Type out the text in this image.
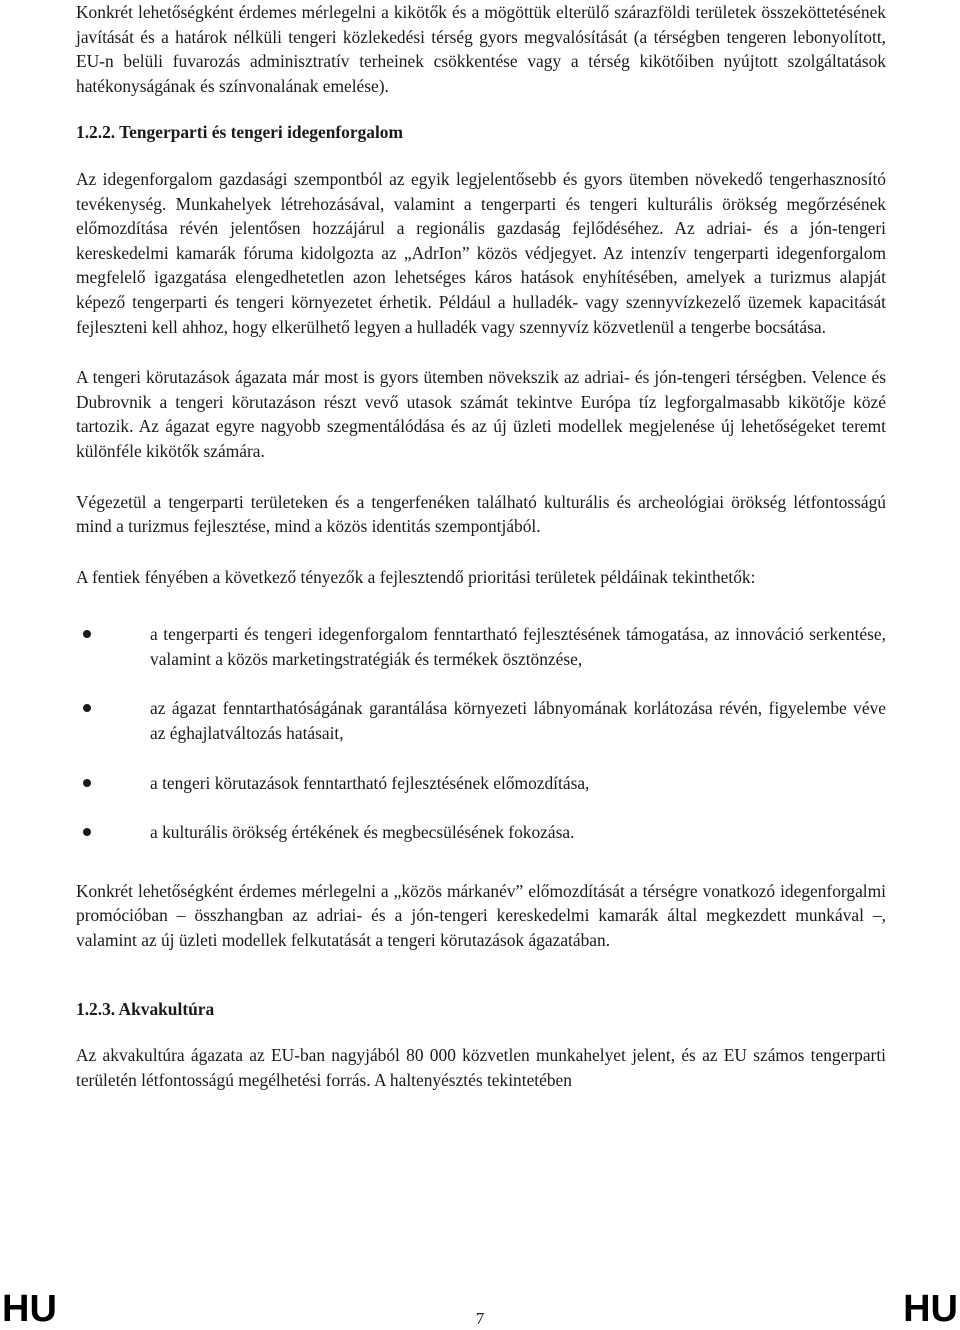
Konkrét lehetőségként érdemes mérlegelni a kikötők és a mögöttük elterülő szárazföldi területek összeköttetésének javítását és a határok nélküli tengeri közlekedési térség gyors megvalósítását (a térségben tengeren lebonyolított, EU-n belüli fuvarozás adminisztratív terheinek csökkentése vagy a térség kikötőiben nyújtott szolgáltatások hatékonyságának és színvonalának emelése).

1.2.2. Tengerparti és tengeri idegenforgalom

Az idegenforgalom gazdasági szempontból az egyik legjelentősebb és gyors ütemben növekedő tengerhasznosító tevékenység. Munkahelyek létrehozásával, valamint a tengerparti és tengeri kulturális örökség megőrzésének előmozdítása révén jelentősen hozzájárul a regionális gazdaság fejlődéséhez. Az adriai- és a jón-tengeri kereskedelmi kamarák fóruma kidolgozta az „AdrIon” közös védjegyet. Az intenzív tengerparti idegenforgalom megfelelő igazgatása elengedhetetlen azon lehetséges káros hatások enyhítésében, amelyek a turizmus alapját képező tengerparti és tengeri környezetet érhetik. Például a hulladék- vagy szennyvízkezelő üzemek kapacitását fejleszteni kell ahhoz, hogy elkerülhető legyen a hulladék vagy szennyvíz közvetlenül a tengerbe bocsátása.

A tengeri körutazások ágazata már most is gyors ütemben növekszik az adriai- és jón-tengeri térségben. Velence és Dubrovnik a tengeri körutazáson részt vevő utasok számát tekintve Európa tíz legforgalmasabb kikötője közé tartozik. Az ágazat egyre nagyobb szegmentálódása és az új üzleti modellek megjelenése új lehetőségeket teremt különféle kikötők számára.

Végezetül a tengerparti területeken és a tengerfenéken található kulturális és archeológiai örökség létfontosságú mind a turizmus fejlesztése, mind a közös identitás szempontjából.

A fentiek fényében a következő tényezők a fejlesztendő prioritási területek példáinak tekinthetők:

a tengerparti és tengeri idegenforgalom fenntartható fejlesztésének támogatása, az innováció serkentése, valamint a közös marketingstratégiák és termékek ösztönzése,
az ágazat fenntarthatóságának garantálása környezeti lábnyomának korlátozása révén, figyelembe véve az éghajlatváltozás hatásait,
a tengeri körutazások fenntartható fejlesztésének előmozdítása,
a kulturális örökség értékének és megbecsülésének fokozása.

Konkrét lehetőségként érdemes mérlegelni a „közös márkanév” előmozdítását a térségre vonatkozó idegenforgalmi promócióban – összhangban az adriai- és a jón-tengeri kereskedelmi kamarák által megkezdett munkával –, valamint az új üzleti modellek felkutatását a tengeri körutazások ágazatában.

1.2.3. Akvakultúra

Az akvakultúra ágazata az EU-ban nagyjából 80 000 közvetlen munkahelyet jelent, és az EU számos tengerparti területén létfontosságú megélhetési forrás. A haltenyésztés tekintetében

HU	7	HU
